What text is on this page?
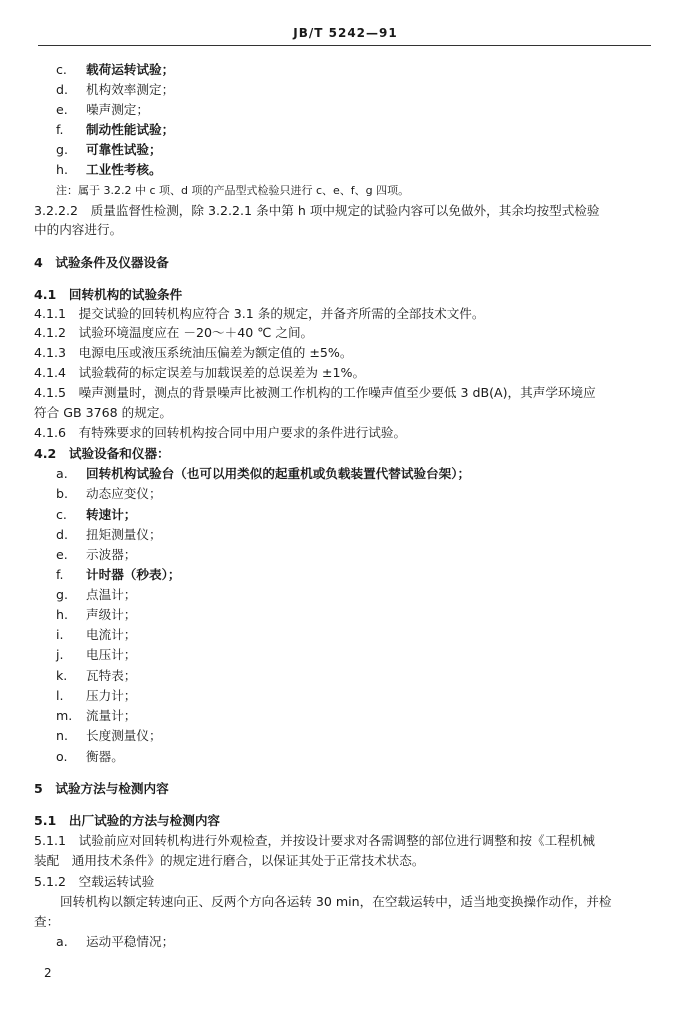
JB/T 5242—91
c. 载荷运转试验；
d. 机构效率测定；
e. 噪声测定；
f. 制动性能试验；
g. 可靠性试验；
h. 工业性考核。
注：属于 3.2.2 中 c 项、d 项的产品型式检验只进行 c、e、f、g 四项。
3.2.2.2　质量监督性检测，除 3.2.2.1 条中第 h 项中规定的试验内容可以免做外，其余均按型式检验
中的内容进行。
4　试验条件及仪器设备
4.1　回转机构的试验条件
4.1.1　提交试验的回转机构应符合 3.1 条的规定，并备齐所需的全部技术文件。
4.1.2　试验环境温度应在 －20～＋40 ℃ 之间。
4.1.3　电源电压或液压系统油压偏差为额定值的 ±5%。
4.1.4　试验载荷的标定误差与加载误差的总误差为 ±1%。
4.1.5　噪声测量时，测点的背景噪声比被测工作机构的工作噪声值至少要低 3 dB(A)，其声学环境应
符合 GB 3768 的规定。
4.1.6　有特殊要求的回转机构按合同中用户要求的条件进行试验。
4.2　试验设备和仪器：
a. 回转机构试验台（也可以用类似的起重机或负载装置代替试验台架）；
b. 动态应变仪；
c. 转速计；
d. 扭矩测量仪；
e. 示波器；
f. 计时器（秒表）；
g. 点温计；
h. 声级计；
i. 电流计；
j. 电压计；
k. 瓦特表；
l. 压力计；
m. 流量计；
n. 长度测量仪；
o. 衡器。
5　试验方法与检测内容
5.1　出厂试验的方法与检测内容
5.1.1　试验前应对回转机构进行外观检查，并按设计要求对各需调整的部位进行调整和按《工程机械
装配　通用技术条件》的规定进行磨合，以保证其处于正常技术状态。
5.1.2　空载运转试验
回转机构以额定转速向正、反两个方向各运转 30 min，在空载运转中，适当地变换操作动作，并检
查：
a. 运动平稳情况；
2
